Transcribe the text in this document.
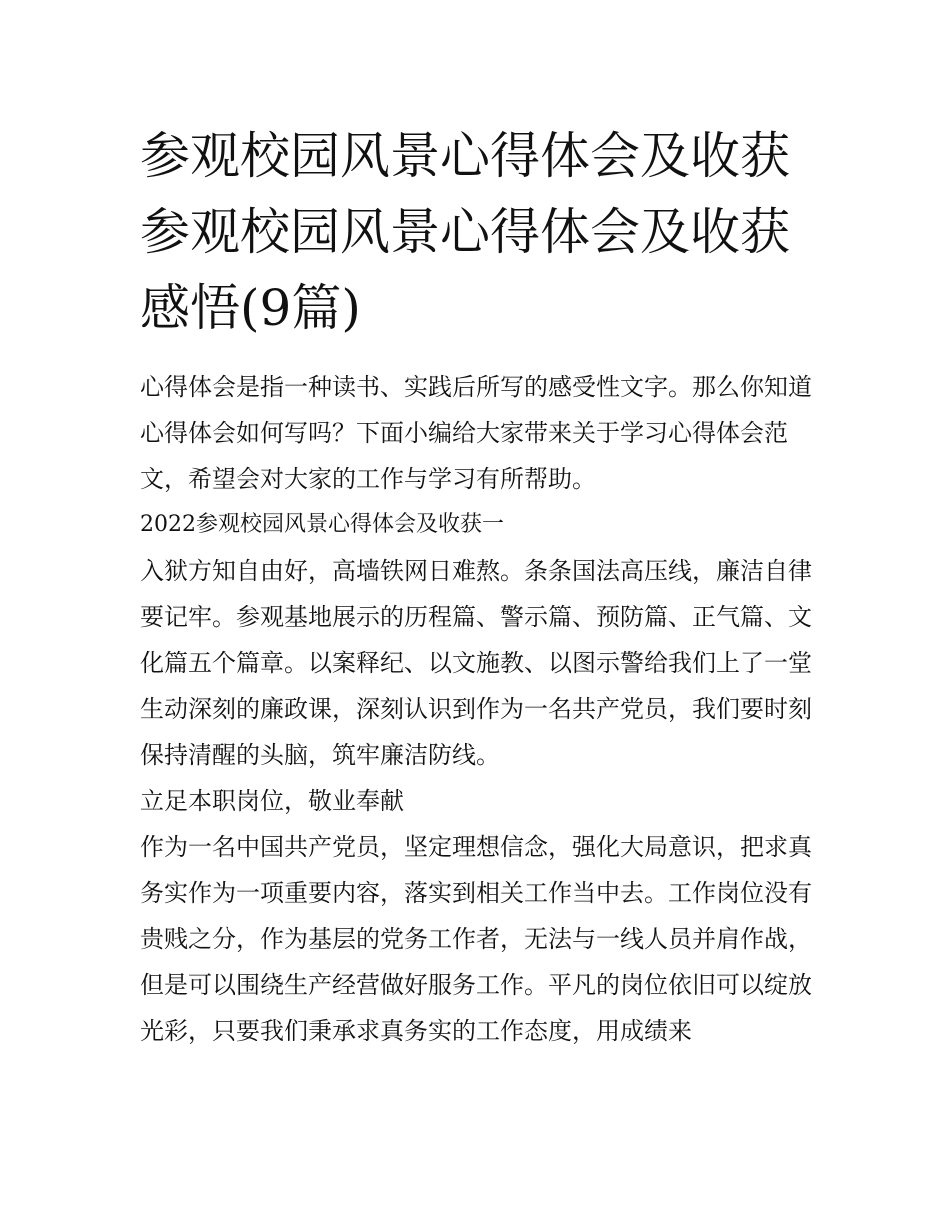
参观校园风景心得体会及收获参观校园风景心得体会及收获感悟(9篇)

心得体会是指一种读书、实践后所写的感受性文字。那么你知道心得体会如何写吗？下面小编给大家带来关于学习心得体会范文，希望会对大家的工作与学习有所帮助。

2022参观校园风景心得体会及收获一

入狱方知自由好，高墙铁网日难熬。条条国法高压线，廉洁自律要记牢。参观基地展示的历程篇、警示篇、预防篇、正气篇、文化篇五个篇章。以案释纪、以文施教、以图示警给我们上了一堂生动深刻的廉政课，深刻认识到作为一名共产党员，我们要时刻保持清醒的头脑，筑牢廉洁防线。

立足本职岗位，敬业奉献

作为一名中国共产党员，坚定理想信念，强化大局意识，把求真务实作为一项重要内容，落实到相关工作当中去。工作岗位没有贵贱之分，作为基层的党务工作者，无法与一线人员并肩作战，但是可以围绕生产经营做好服务工作。平凡的岗位依旧可以绽放光彩，只要我们秉承求真务实的工作态度，用成绩来
